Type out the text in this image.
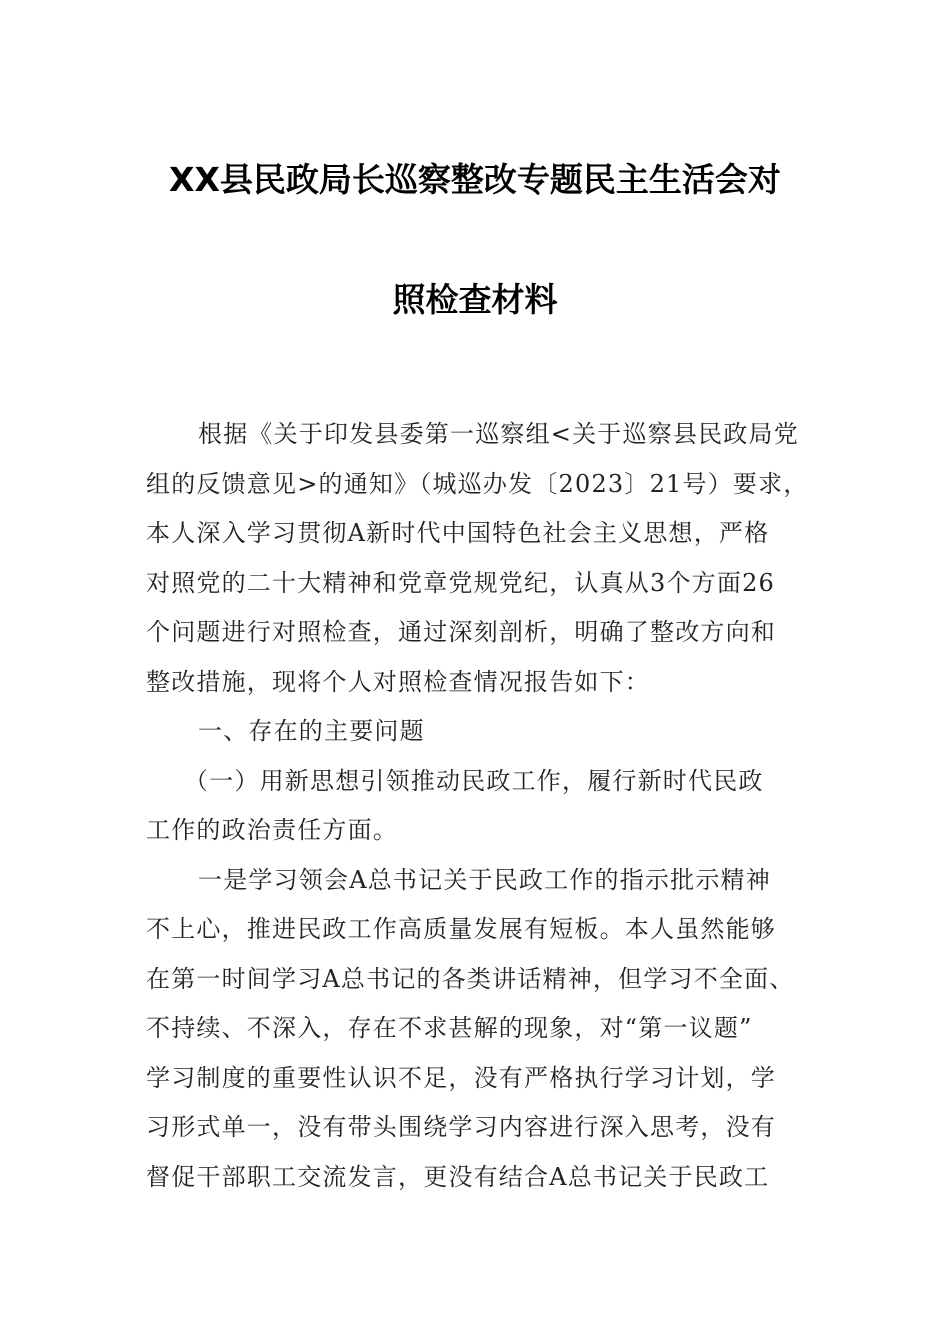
XX县民政局长巡察整改专题民主生活会对
照检查材料
根据《关于印发县委第一巡察组<关于巡察县民政局党
组的反馈意见>的通知》（城巡办发〔2023〕21号）要求，
本人深入学习贯彻A新时代中国特色社会主义思想，严格
对照党的二十大精神和党章党规党纪，认真从3个方面26
个问题进行对照检查，通过深刻剖析，明确了整改方向和
整改措施，现将个人对照检查情况报告如下：
一、存在的主要问题
（一）用新思想引领推动民政工作，履行新时代民政
工作的政治责任方面。
一是学习领会A总书记关于民政工作的指示批示精神
不上心，推进民政工作高质量发展有短板。本人虽然能够
在第一时间学习A总书记的各类讲话精神，但学习不全面、
不持续、不深入，存在不求甚解的现象，对“第一议题”
学习制度的重要性认识不足，没有严格执行学习计划，学
习形式单一，没有带头围绕学习内容进行深入思考，没有
督促干部职工交流发言，更没有结合A总书记关于民政工
